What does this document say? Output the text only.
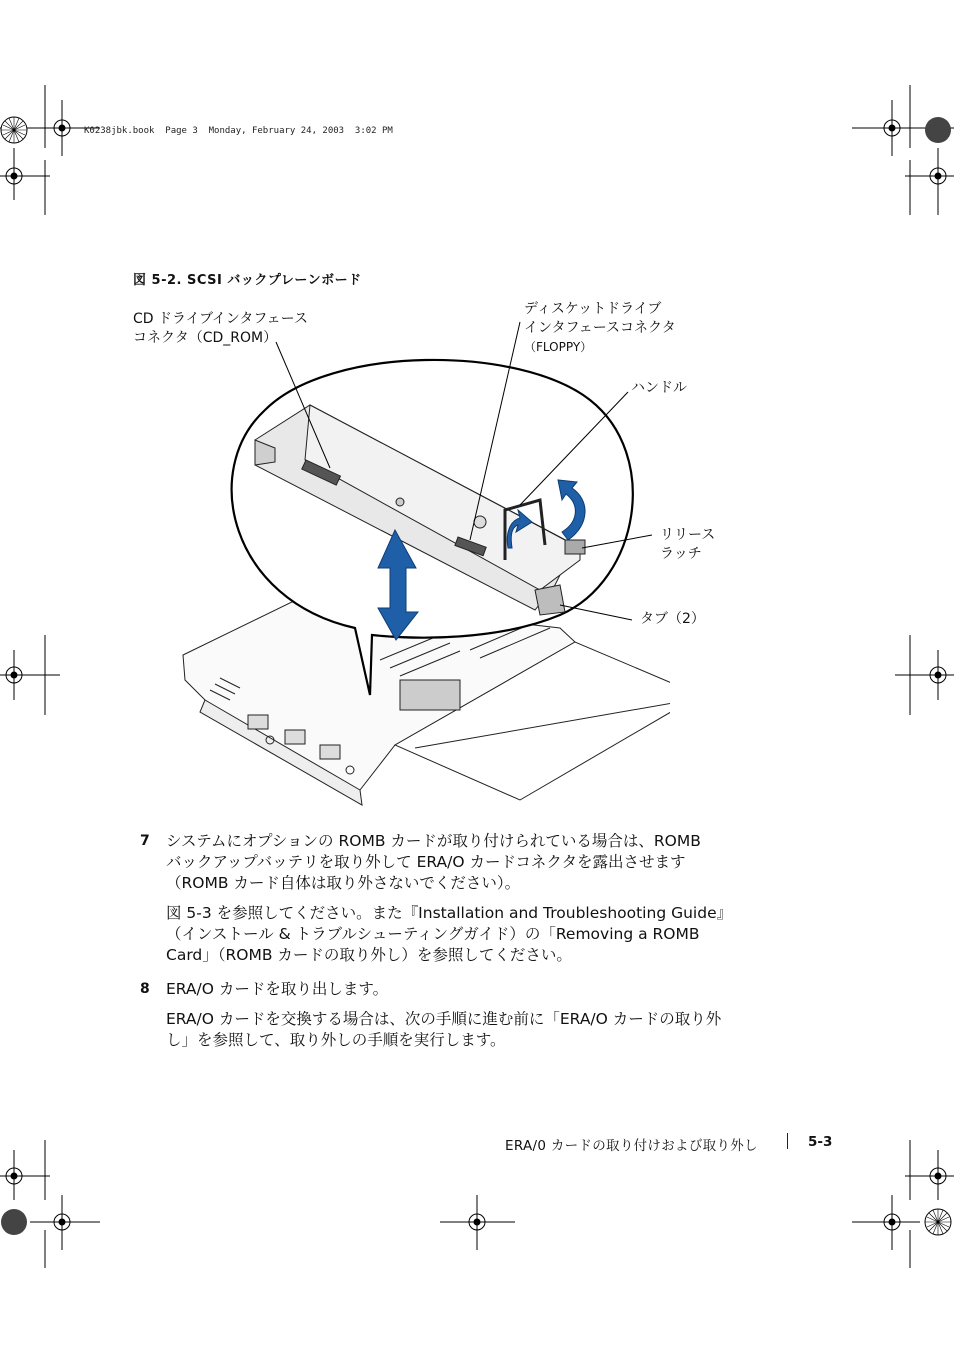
K0238jbk.book  Page 3  Monday, February 24, 2003  3:02 PM
図 5-2. SCSI バックプレーンボード
CD ドライブインタフェース
コネクタ（CD_ROM）
ディスケットドライブ
インタフェースコネクタ
（FLOPPY）
ハンドル
リリース
ラッチ
タブ（2）
7 システムにオプションの ROMB カードが取り付けられている場合は、ROMB

バックアップバッテリを取り外して ERA/O カードコネクタを露出させます

（ROMB カード自体は取り外さないでください）。

図 5-3 を参照してください。また『Installation and Troubleshooting Guide』

（インストール & トラブルシューティングガイド）の「Removing a ROMB

Card」（ROMB カードの取り外し）を参照してください。

8 ERA/O カードを取り出します。

ERA/O カードを交換する場合は、次の手順に進む前に「ERA/O カードの取り外

し」を参照して、取り外しの手順を実行します。

ERA/0 カードの取り付けおよび取り外し	5-3
